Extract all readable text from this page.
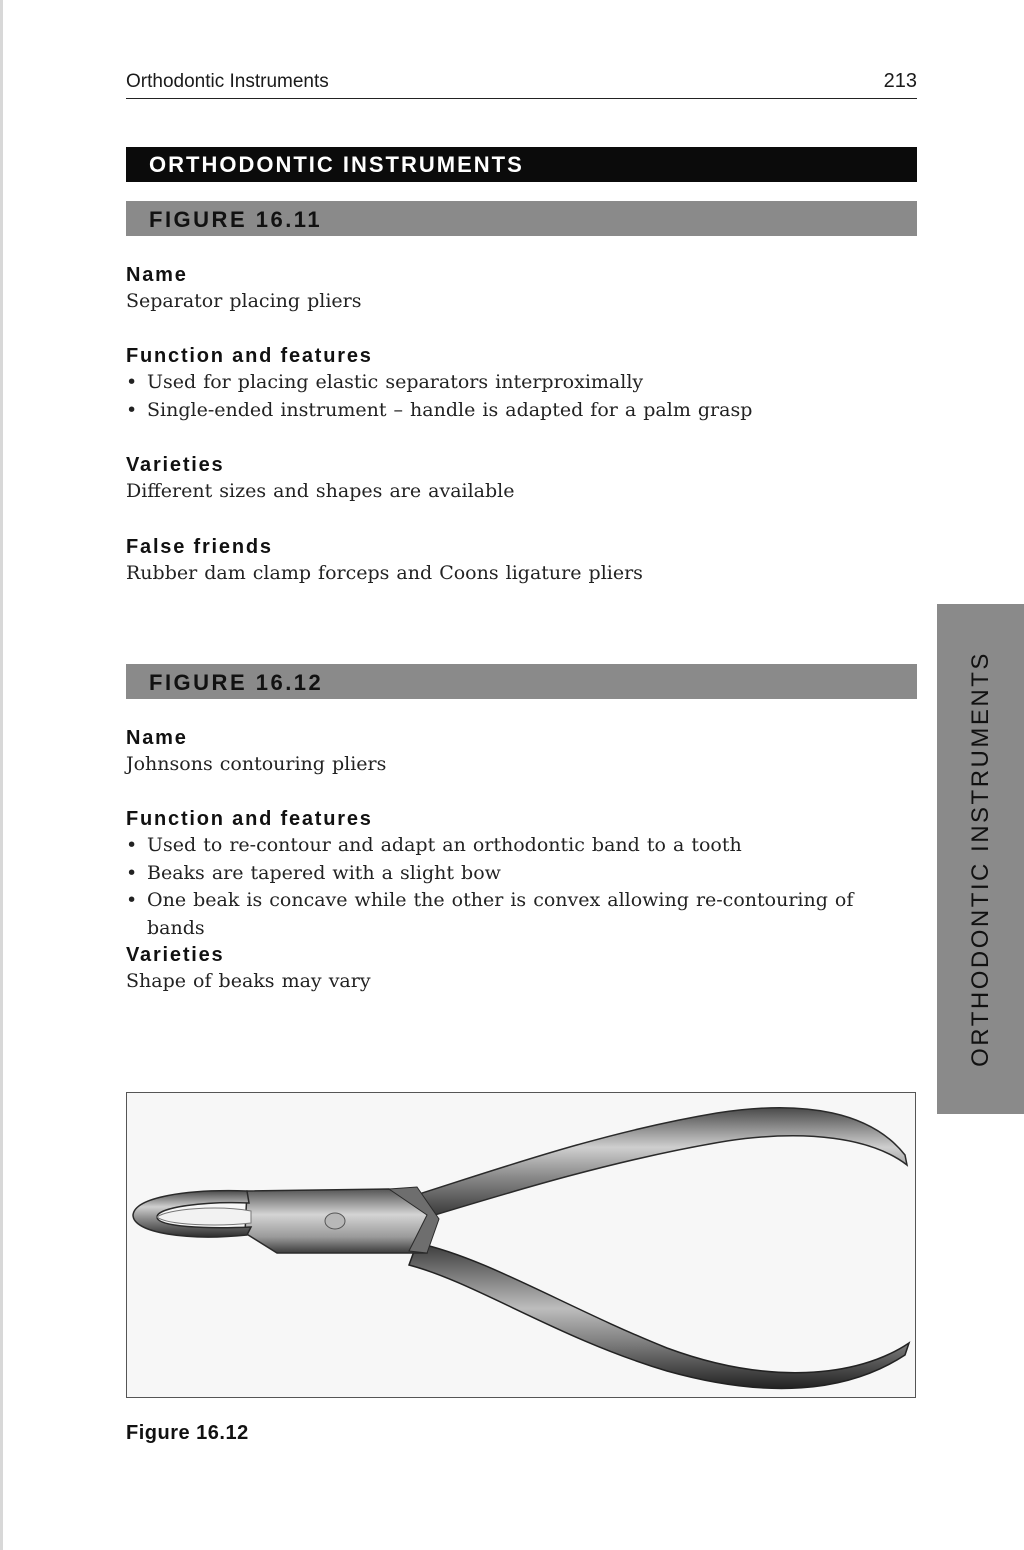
Orthodontic Instruments	213
ORTHODONTIC INSTRUMENTS
FIGURE 16.11
Name
Separator placing pliers
Function and features
• Used for placing elastic separators interproximally
• Single-ended instrument – handle is adapted for a palm grasp
Varieties
Different sizes and shapes are available
False friends
Rubber dam clamp forceps and Coons ligature pliers
FIGURE 16.12
Name
Johnsons contouring pliers
Function and features
• Used to re-contour and adapt an orthodontic band to a tooth
• Beaks are tapered with a slight bow
• One beak is concave while the other is convex allowing re-contouring of bands
Varieties
Shape of beaks may vary	ORTHODONTIC INSTRUMENTS
Figure 16.12
